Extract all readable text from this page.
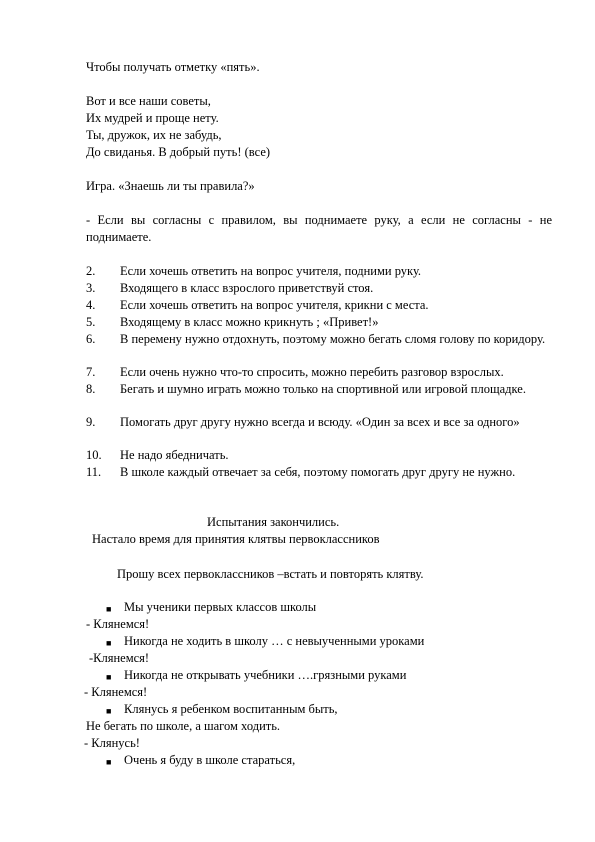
Чтобы получать отметку «пять».
Вот и все наши советы,
Их мудрей и проще нету.
Ты, дружок, их не забудь,
До свиданья. В добрый путь! (все)
Игра. «Знаешь ли ты правила?»
- Если вы согласны с правилом, вы поднимаете руку, а если не согласны - не поднимаете.
2.	Если хочешь ответить на вопрос учителя, подними руку.
3.	Входящего в класс взрослого приветствуй стоя.
4.	Если хочешь ответить на вопрос учителя, крикни с места.
5.	Входящему в класс можно крикнуть ; «Привет!»
6.	В перемену нужно отдохнуть, поэтому можно бегать сломя голову по коридору.
7.	Если очень нужно что-то спросить, можно перебить разговор взрослых.
8.	Бегать и шумно играть можно только на спортивной или игровой площадке.
9.	Помогать друг другу нужно всегда и всюду. «Один за всех и все за одного»
10.	Не надо ябедничать.
11.	В школе каждый отвечает за себя, поэтому помогать друг другу не нужно.
Испытания закончились.
Настало время для принятия клятвы первоклассников
Прошу всех первоклассников –встать и повторять клятву.
■ Мы ученики первых классов школы
- Клянемся!
■ Никогда не ходить в школу … с невыученными уроками
-Клянемся!
■ Никогда не открывать учебники ….грязными руками
- Клянемся!
■ Клянусь я ребенком воспитанным быть,
Не бегать по школе, а шагом ходить.
- Клянусь!
■ Очень я буду в школе стараться,
